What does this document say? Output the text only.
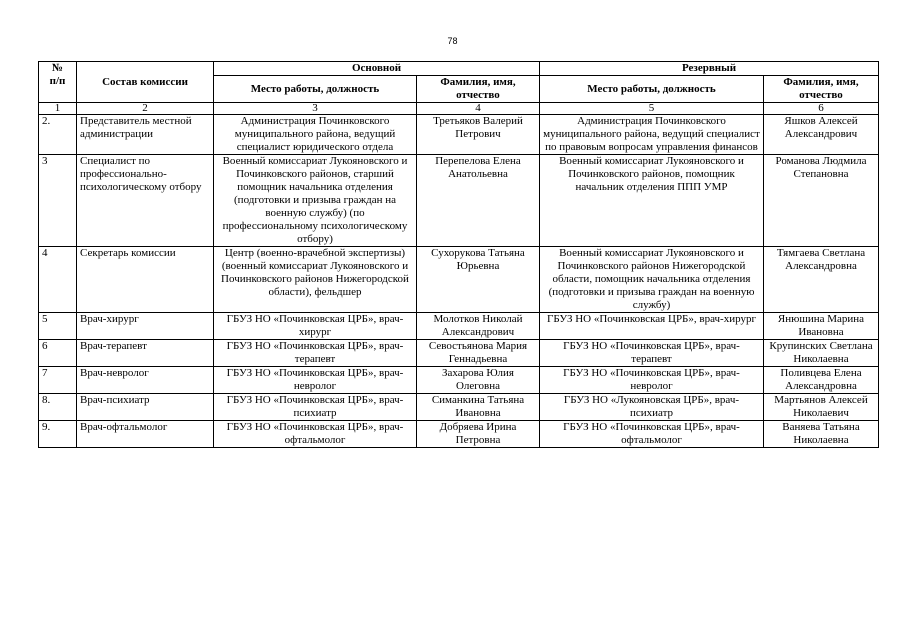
78
№
п/п	Состав комиссии	Основной		Резервный	
		Место работы, должность	Фамилия, имя, отчество	Место работы, должность	Фамилия, имя, отчество
1	2	3	4	5	6
2.	Представитель местной администрации	Администрация Починковского муниципального района, ведущий специалист юридического отдела	Третьяков Валерий Петрович	Администрация Починковского муниципального района, ведущий специалист по правовым вопросам управления финансов	Яшков Алексей Александрович
3	Специалист по профессионально-психологическому отбору	Военный комиссариат Лукояновского и Починковского районов, старший помощник начальника отделения (подготовки и призыва граждан на военную службу) (по профессиональному психологическому отбору)	Перепелова Елена Анатольевна	Военный комиссариат Лукояновского и Починковского районов, помощник начальник отделения ППП УМР	Романова Людмила Степановна
4	Секретарь комиссии	Центр (военно-врачебной экспертизы) (военный комиссариат Лукояновского и Починковского районов Нижегородской области), фельдшер	Сухорукова Татьяна Юрьевна	Военный комиссариат Лукояновского и Починковского районов Нижегородской области, помощник начальника отделения (подготовки и призыва граждан на военную службу)	Тямгаева Светлана Александровна
5	Врач-хирург	ГБУЗ НО «Починковская ЦРБ», врач-хирург	Молотков Николай Александрович	ГБУЗ НО «Починковская ЦРБ», врач-хирург	Янюшина Марина Ивановна
6	Врач-терапевт	ГБУЗ НО «Починковская ЦРБ», врач-терапевт	Севостьянова Мария Геннадьевна	ГБУЗ НО «Починковская ЦРБ», врач-терапевт	Крупинских Светлана Николаевна
7	Врач-невролог	ГБУЗ НО «Починковская ЦРБ», врач-невролог	Захарова Юлия Олеговна	ГБУЗ НО «Починковская ЦРБ», врач-невролог	Поливцева Елена Александровна
8.	Врач-психиатр	ГБУЗ НО «Починковская ЦРБ», врач-психиатр	Симанкина Татьяна Ивановна	ГБУЗ НО «Лукояновская ЦРБ», врач-психиатр	Мартьянов Алексей Николаевич
9.	Врач-офтальмолог	ГБУЗ НО «Починковская ЦРБ», врач-офтальмолог	Добряева Ирина Петровна	ГБУЗ НО «Починковская ЦРБ», врач-офтальмолог	Ваняева Татьяна Николаевна
